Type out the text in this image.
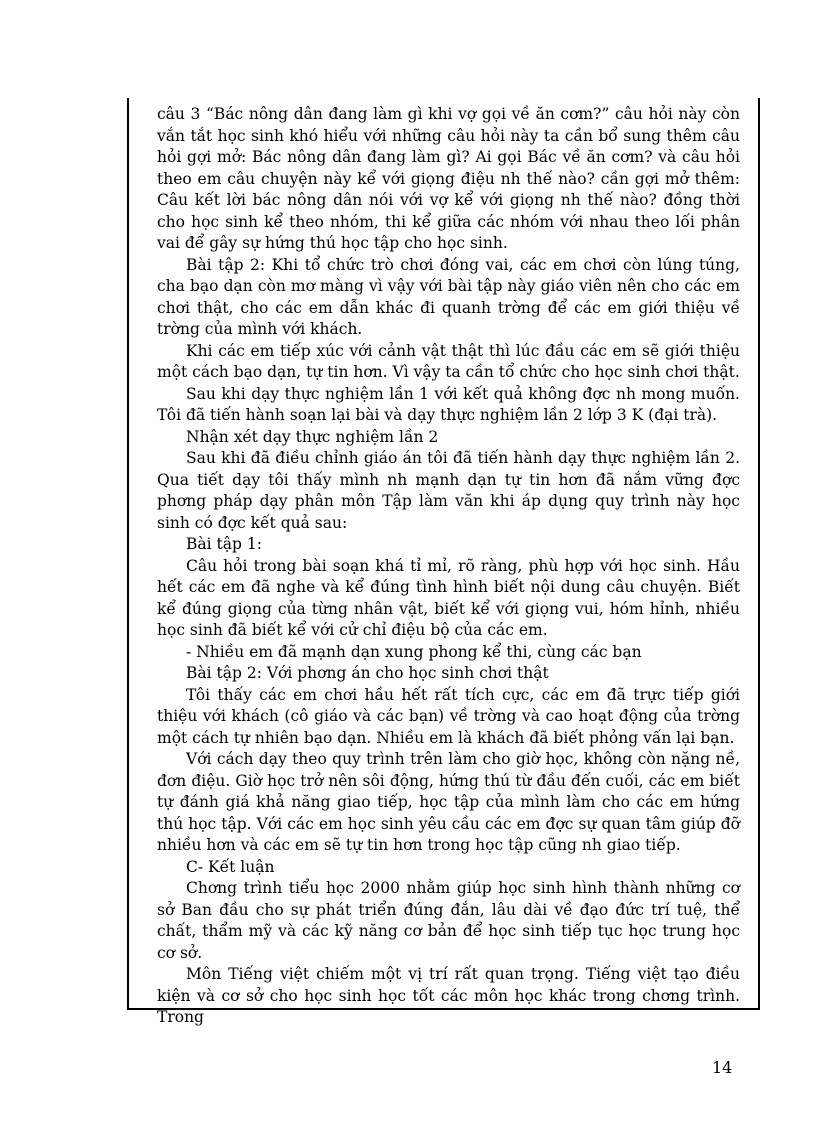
câu 3 “Bác nông dân đang làm gì khi vợ gọi về ăn cơm?” câu hỏi này còn vắn tắt học sinh khó hiểu với những câu hỏi này ta cần bổ sung thêm câu hỏi gợi mở: Bác nông dân đang làm gì? Ai gọi Bác về ăn cơm? và câu hỏi theo em câu chuyện này kể với giọng điệu nh thế nào? cần gợi mở thêm: Câu kết lời bác nông dân nói với vợ kể với giọng nh thế nào? đồng thời cho học sinh kể theo nhóm, thi kể giữa các nhóm với nhau theo lối phân vai để gây sự hứng thú học tập cho học sinh.

Bài tập 2: Khi tổ chức trò chơi đóng vai, các em chơi còn lúng túng, cha bạo dạn còn mơ màng vì vậy với bài tập này giáo viên nên cho các em chơi thật, cho các em dẫn khác đi quanh trờng để các em giới thiệu về trờng của mình với khách.

Khi các em tiếp xúc với cảnh vật thật thì lúc đầu các em sẽ giới thiệu một cách bạo dạn, tự tin hơn. Vì vậy ta cần tổ chức cho học sinh chơi thật.

Sau khi dạy thực nghiệm lần 1 với kết quả không đợc nh mong muốn. Tôi đã tiến hành soạn lại bài và dạy thực nghiệm lần 2 lớp 3 K (đại trà).

Nhận xét dạy thực nghiệm lần 2

Sau khi đã điều chỉnh giáo án tôi đã tiến hành dạy thực nghiệm lần 2. Qua tiết dạy tôi thấy mình nh mạnh dạn tự tin hơn đã nắm vững đợc phơng pháp dạy phân môn Tập làm văn khi áp dụng quy trình này học sinh có đợc kết quả sau:

Bài tập 1:

Câu hỏi trong bài soạn khá tỉ mỉ, rõ ràng, phù hợp với học sinh. Hầu hết các em đã nghe và kể đúng tình hình biết nội dung câu chuyện. Biết kể đúng giọng của từng nhân vật, biết kể với giọng vui, hóm hỉnh, nhiều học sinh đã biết kể với cử chỉ điệu bộ của các em.

- Nhiều em đã mạnh dạn xung phong kể thi, cùng các bạn

Bài tập 2: Với phơng án cho học sinh chơi thật

Tôi thấy các em chơi hầu hết rất tích cực, các em đã trực tiếp giới thiệu với khách (cô giáo và các bạn) về trờng và cao hoạt động của trờng một cách tự nhiên bạo dạn. Nhiều em là khách đã biết phỏng vấn lại bạn.

Với cách dạy theo quy trình trên làm cho giờ học, không còn nặng nề, đơn điệu. Giờ học trở nên sôi động, hứng thú từ đầu đến cuối, các em biết tự đánh giá khả năng giao tiếp, học tập của mình làm cho các em hứng thú học tập. Với các em học sinh yêu cầu các em đợc sự quan tâm giúp đỡ nhiều hơn và các em sẽ tự tin hơn trong học tập cũng nh giao tiếp.

C- Kết luận

Chơng trình tiểu học 2000 nhằm giúp học sinh hình thành những cơ sở Ban đầu cho sự phát triển đúng đắn, lâu dài về đạo đức trí tuệ, thể chất, thẩm mỹ và các kỹ năng cơ bản để học sinh tiếp tục học trung học cơ sở.

Môn Tiếng việt chiếm một vị trí rất quan trọng. Tiếng việt tạo điều kiện và cơ sở cho học sinh học tốt các môn học khác trong chơng trình. Trong

14
